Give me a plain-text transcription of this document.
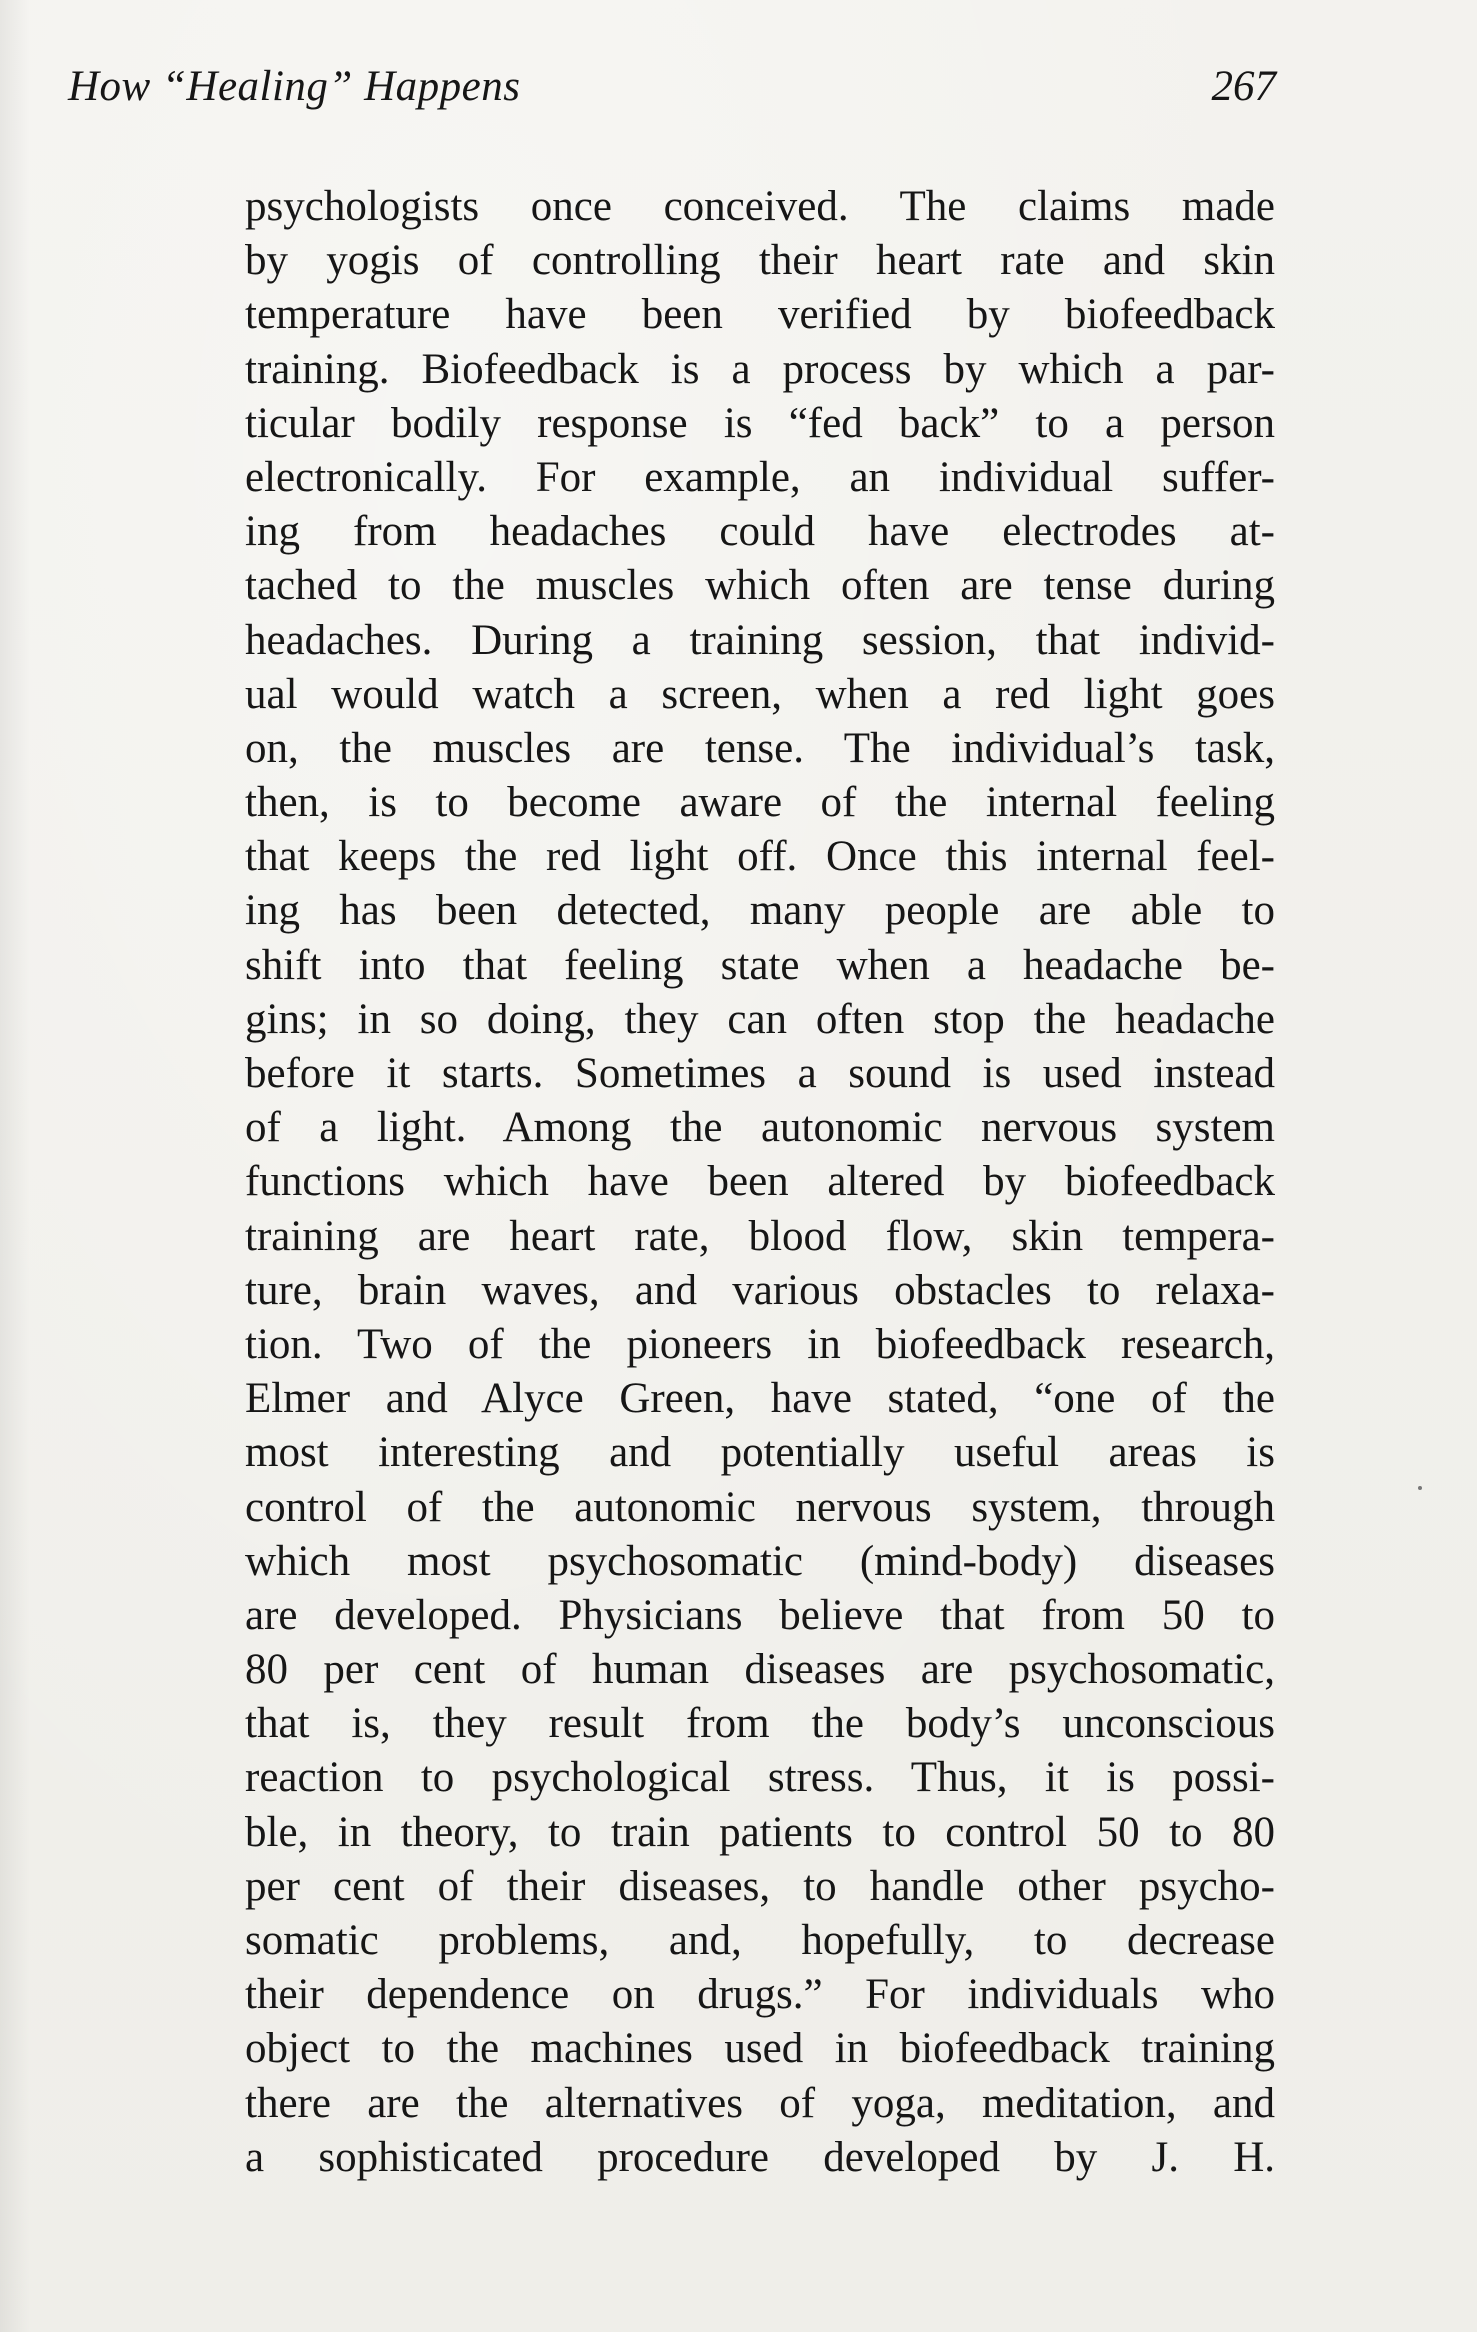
How “Healing” Happens	267
psychologists once conceived. The claims made
by yogis of controlling their heart rate and skin
temperature have been verified by biofeedback
training. Biofeedback is a process by which a par-
ticular bodily response is “fed back” to a person
electronically. For example, an individual suffer-
ing from headaches could have electrodes at-
tached to the muscles which often are tense during
headaches. During a training session, that individ-
ual would watch a screen, when a red light goes
on, the muscles are tense. The individual’s task,
then, is to become aware of the internal feeling
that keeps the red light off. Once this internal feel-
ing has been detected, many people are able to
shift into that feeling state when a headache be-
gins; in so doing, they can often stop the headache
before it starts. Sometimes a sound is used instead
of a light. Among the autonomic nervous system
functions which have been altered by biofeedback
training are heart rate, blood flow, skin tempera-
ture, brain waves, and various obstacles to relaxa-
tion. Two of the pioneers in biofeedback research,
Elmer and Alyce Green, have stated, “one of the
most interesting and potentially useful areas is
control of the autonomic nervous system, through
which most psychosomatic (mind-body) diseases
are developed. Physicians believe that from 50 to
80 per cent of human diseases are psychosomatic,
that is, they result from the body’s unconscious
reaction to psychological stress. Thus, it is possi-
ble, in theory, to train patients to control 50 to 80
per cent of their diseases, to handle other psycho-
somatic problems, and, hopefully, to decrease
their dependence on drugs.” For individuals who
object to the machines used in biofeedback training
there are the alternatives of yoga, meditation, and
a sophisticated procedure developed by J. H.
